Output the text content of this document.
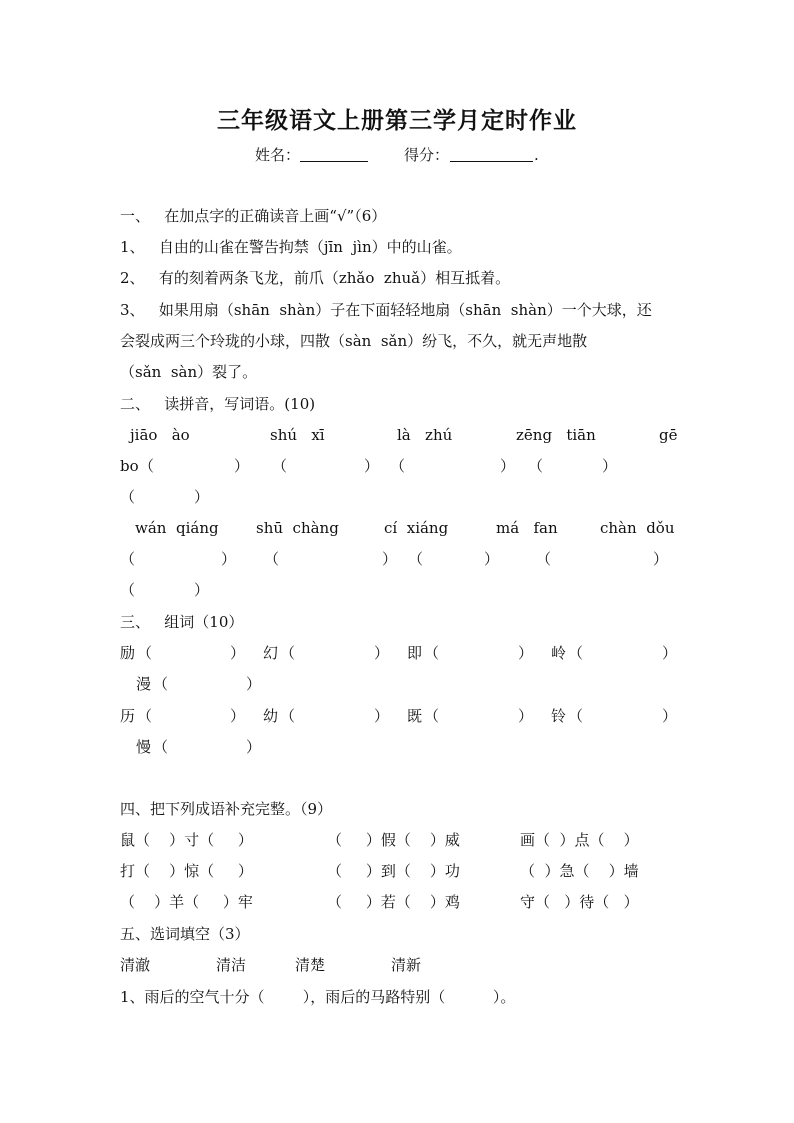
三年级语文上册第三学月定时作业
姓名：	得分：	.
一、   在加点字的正确读音上画“√”（6）
1、   自由的山雀在警告拘禁（jīn  jìn）中的山雀。
2、   有的刻着两条飞龙，前爪（zhǎo  zhuǎ）相互抵着。
3、   如果用扇（shān  shàn）子在下面轻轻地扇（shān  shàn）一个大球，还
会裂成两三个玲珑的小球，四散（sàn  sǎn）纷飞，不久，就无声地散
（sǎn  sàn）裂了。
二、   读拼音，写词语。(10)
jiāo   ào	shú   xī	là   zhú	zēng   tiān	gē
bo （	） （	） （	） （	）
（	）
wán  qiáng shū  chàng	cí  xiáng	má   fan	chàn  dǒu
（	） （	） （	） （	）
（	）
三、   组词（10）
励 （	） 幻 （	） 即 （	） 岭 （	）
漫 （	）
历 （	） 幼 （	） 既 （	） 铃 （	）
慢 （	）
四、把下列成语补充完整。（9）
鼠（    ）寸（     ）	（     ）假（    ）威	画（  ）点（    ）
打（    ）惊（     ）	（     ）到（    ）功	（  ）急（    ）墙
（    ）羊（     ）牢	（     ）若（    ）鸡	守（   ）待（   ）
五、选词填空（3）
清澈	清洁	清楚	清新
1、雨后的空气十分（        ），雨后的马路特别（          ）。
